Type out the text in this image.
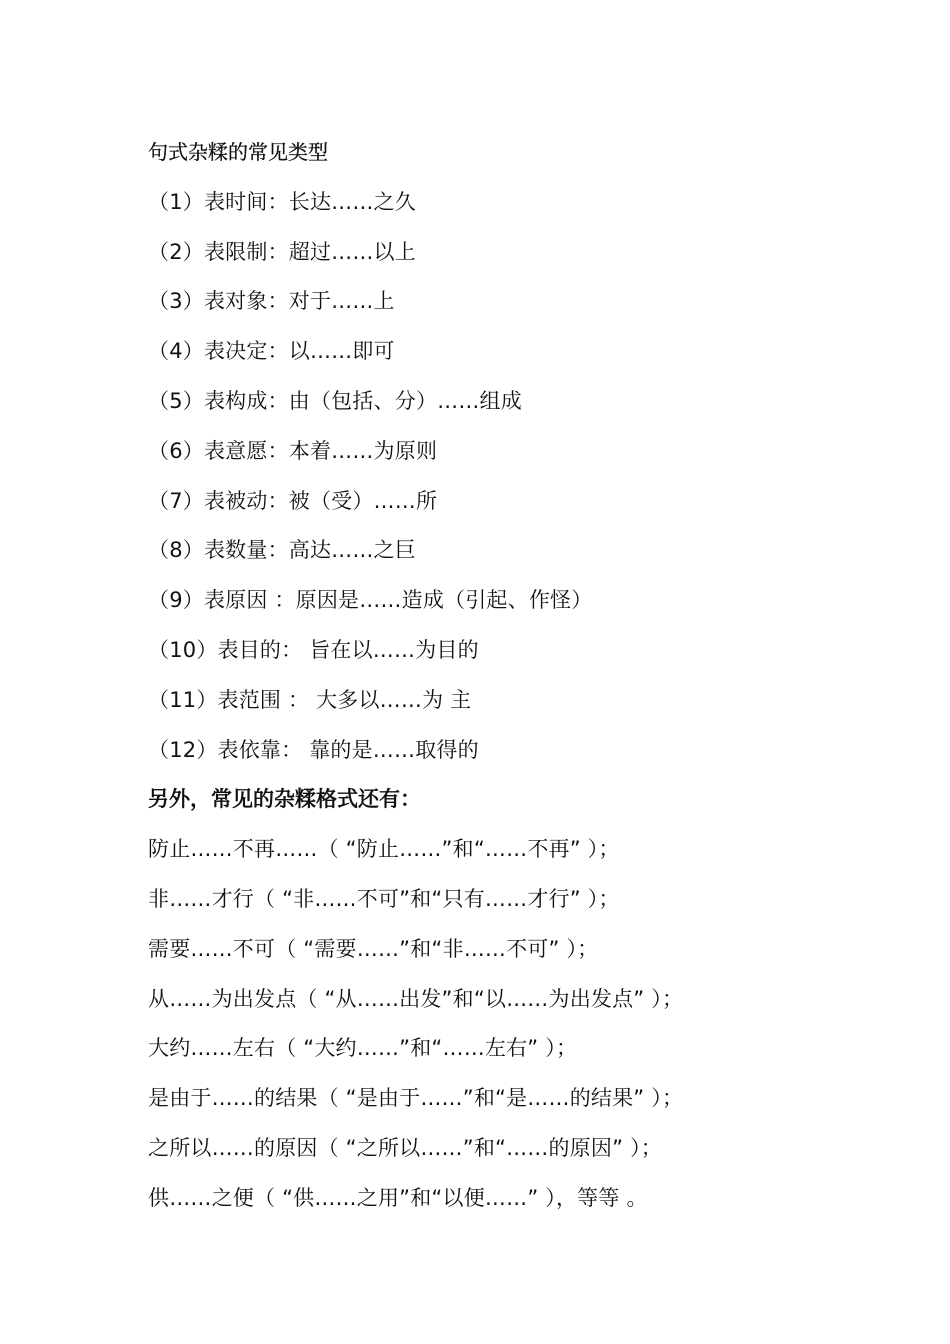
句式杂糅的常见类型

（1）表时间：长达……之久

（2）表限制：超过……以上

（3）表对象：对于……上

（4）表决定：以……即可

（5）表构成：由（包括、分）……组成

（6）表意愿：本着……为原则

（7）表被动：被（受）……所

（8）表数量：高达……之巨

（9）表原因 ：原因是……造成（引起、作怪）

（10）表目的： 旨在以……为目的

（11）表范围 ： 大多以……为 主

（12）表依靠： 靠的是……取得的

另外，常见的杂糅格式还有：

防止……不再……（ “防止……”和“……不再” ）；

非……才行（ “非……不可”和“只有……才行” ）；

需要……不可（ “需要……”和“非……不可” ）；

从……为出发点（ “从……出发”和“以……为出发点” ）；

大约……左右（ “大约……”和“……左右” ）；

是由于……的结果（ “是由于……”和“是……的结果” ）；

之所以……的原因（ “之所以……”和“……的原因” ）；

供……之便（ “供……之用”和“以便……” ），等等 。
